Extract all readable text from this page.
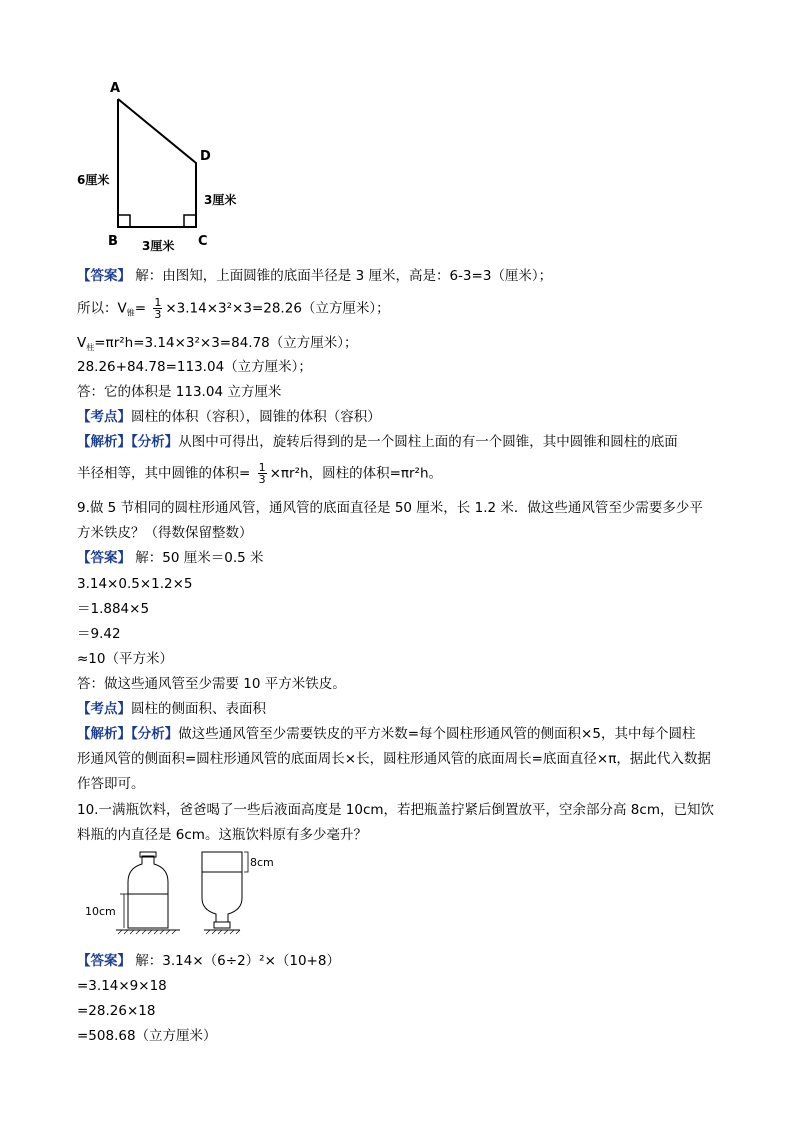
A
D
B	C
6厘米
3厘米
3厘米
【答案】 解：由图知，上面圆锥的底面半径是 3 厘米，高是：6-3=3（厘米）；
所以：$V_锥= \frac{1}{3} \times 3.14\times 3^2\times 3=28.26$（立方厘米）；
$V_柱=\pi r^2h=3.14\times 3^2\times 3=84.78$（立方厘米）；
28.26+84.78=113.04（立方厘米）；
答：它的体积是 113.04 立方厘米
【考点】圆柱的体积（容积），圆锥的体积（容积）
【解析】【分析】从图中可得出，旋转后得到的是一个圆柱上面的有一个圆锥，其中圆锥和圆柱的底面
半径相等，其中圆锥的体积= $\frac{1}{3} \times\pi r^2h$，圆柱的体积=πr²h。
9.做 5 节相同的圆柱形通风管，通风管的底面直径是 50 厘米，长 1.2 米．做这些通风管至少需要多少平
方米铁皮？（得数保留整数）
【答案】 解：50 厘米＝0.5 米
3.14×0.5×1.2×5
＝1.884×5
＝9.42
≈10（平方米）
答：做这些通风管至少需要 10 平方米铁皮。
【考点】圆柱的侧面积、表面积
【解析】【分析】做这些通风管至少需要铁皮的平方米数=每个圆柱形通风管的侧面积×5，其中每个圆柱
形通风管的侧面积=圆柱形通风管的底面周长×长，圆柱形通风管的底面周长=底面直径×π，据此代入数据
作答即可。
10.一满瓶饮料，爸爸喝了一些后液面高度是 10cm，若把瓶盖拧紧后倒置放平，空余部分高 8cm，已知饮
料瓶的内直径是 6cm。这瓶饮料原有多少毫升？
10cm
8cm
【答案】 解：3.14×（6÷2）²×（10+8）
=3.14×9×18
=28.26×18
=508.68（立方厘米）
